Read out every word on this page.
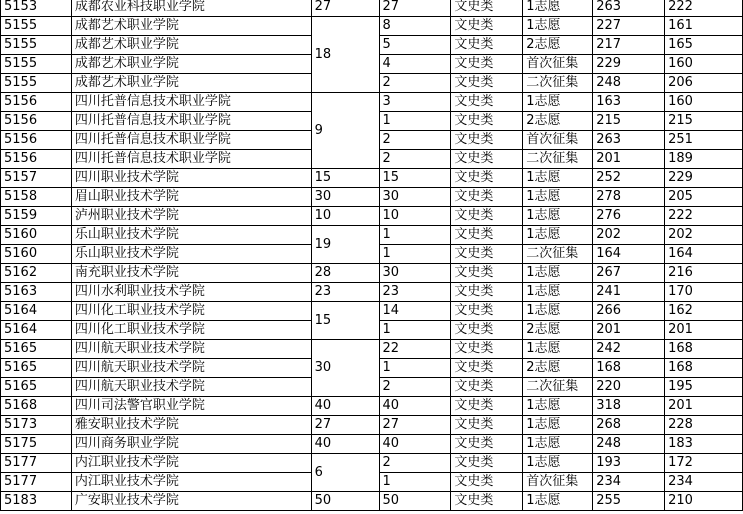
5153	成都农业科技职业学院	27	27	文史类	1志愿	263	222
5155	成都艺术职业学院	18	8	文史类	1志愿	227	161
5155	成都艺术职业学院		5	文史类	2志愿	217	165
5155	成都艺术职业学院		4	文史类	首次征集	229	160
5155	成都艺术职业学院		2	文史类	二次征集	248	206
5156	四川托普信息技术职业学院	9	3	文史类	1志愿	163	160
5156	四川托普信息技术职业学院		1	文史类	2志愿	215	215
5156	四川托普信息技术职业学院		2	文史类	首次征集	263	251
5156	四川托普信息技术职业学院		2	文史类	二次征集	201	189
5157	四川职业技术学院	15	15	文史类	1志愿	252	229
5158	眉山职业技术学院	30	30	文史类	1志愿	278	205
5159	泸州职业技术学院	10	10	文史类	1志愿	276	222
5160	乐山职业技术学院	19	1	文史类	1志愿	202	202
5160	乐山职业技术学院		1	文史类	二次征集	164	164
5162	南充职业技术学院	28	30	文史类	1志愿	267	216
5163	四川水利职业技术学院	23	23	文史类	1志愿	241	170
5164	四川化工职业技术学院	15	14	文史类	1志愿	266	162
5164	四川化工职业技术学院		1	文史类	2志愿	201	201
5165	四川航天职业技术学院	30	22	文史类	1志愿	242	168
5165	四川航天职业技术学院		1	文史类	2志愿	168	168
5165	四川航天职业技术学院		2	文史类	二次征集	220	195
5168	四川司法警官职业学院	40	40	文史类	1志愿	318	201
5173	雅安职业技术学院	27	27	文史类	1志愿	268	228
5175	四川商务职业学院	40	40	文史类	1志愿	248	183
5177	内江职业技术学院	6	2	文史类	1志愿	193	172
5177	内江职业技术学院		1	文史类	首次征集	234	234
5183	广安职业技术学院	50	50	文史类	1志愿	255	210
